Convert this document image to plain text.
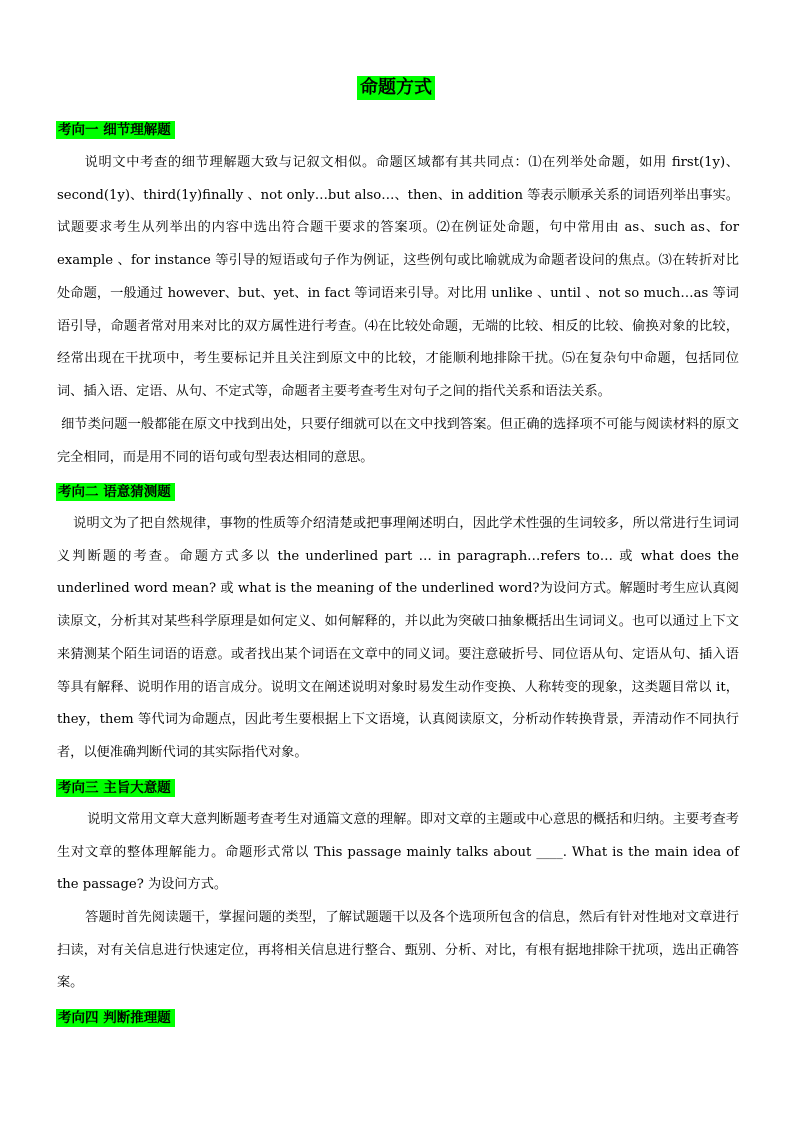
命题方式
考向一 细节理解题

说明文中考查的细节理解题大致与记叙文相似。命题区域都有其共同点：⑴在列举处命题，如用 first(1y)、second(1y)、third(1y)finally 、not only…but also…、then、in addition 等表示顺承关系的词语列举出事实。试题要求考生从列举出的内容中选出符合题干要求的答案项。⑵在例证处命题，句中常用由 as、such as、for example 、for instance 等引导的短语或句子作为例证，这些例句或比喻就成为命题者设问的焦点。⑶在转折对比处命题，一般通过 however、but、yet、in fact 等词语来引导。对比用 unlike 、until 、not so much…as 等词语引导，命题者常对用来对比的双方属性进行考查。⑷在比较处命题，无端的比较、相反的比较、偷换对象的比较，经常出现在干扰项中，考生要标记并且关注到原文中的比较，才能顺利地排除干扰。⑸在复杂句中命题，包括同位词、插入语、定语、从句、不定式等，命题者主要考查考生对句子之间的指代关系和语法关系。

细节类问题一般都能在原文中找到出处，只要仔细就可以在文中找到答案。但正确的选择项不可能与阅读材料的原文完全相同，而是用不同的语句或句型表达相同的意思。

考向二 语意猜测题

说明文为了把自然规律，事物的性质等介绍清楚或把事理阐述明白，因此学术性强的生词较多，所以常进行生词词义判断题的考查。命题方式多以 the underlined part … in paragraph…refers to… 或 what does the underlined word mean? 或 what is the meaning of the underlined word?为设问方式。解题时考生应认真阅读原文，分析其对某些科学原理是如何定义、如何解释的，并以此为突破口抽象概括出生词词义。也可以通过上下文来猜测某个陌生词语的语意。或者找出某个词语在文章中的同义词。要注意破折号、同位语从句、定语从句、插入语等具有解释、说明作用的语言成分。说明文在阐述说明对象时易发生动作变换、人称转变的现象，这类题目常以 it，they，them 等代词为命题点，因此考生要根据上下文语境，认真阅读原文，分析动作转换背景，弄清动作不同执行者，以便准确判断代词的其实际指代对象。

考向三 主旨大意题

说明文常用文章大意判断题考查考生对通篇文意的理解。即对文章的主题或中心意思的概括和归纳。主要考查考生对文章的整体理解能力。命题形式常以 This passage mainly talks about ____. What is the main idea of the passage? 为设问方式。

答题时首先阅读题干，掌握问题的类型，了解试题题干以及各个选项所包含的信息，然后有针对性地对文章进行扫读，对有关信息进行快速定位，再将相关信息进行整合、甄别、分析、对比，有根有据地排除干扰项，选出正确答案。

考向四 判断推理题
